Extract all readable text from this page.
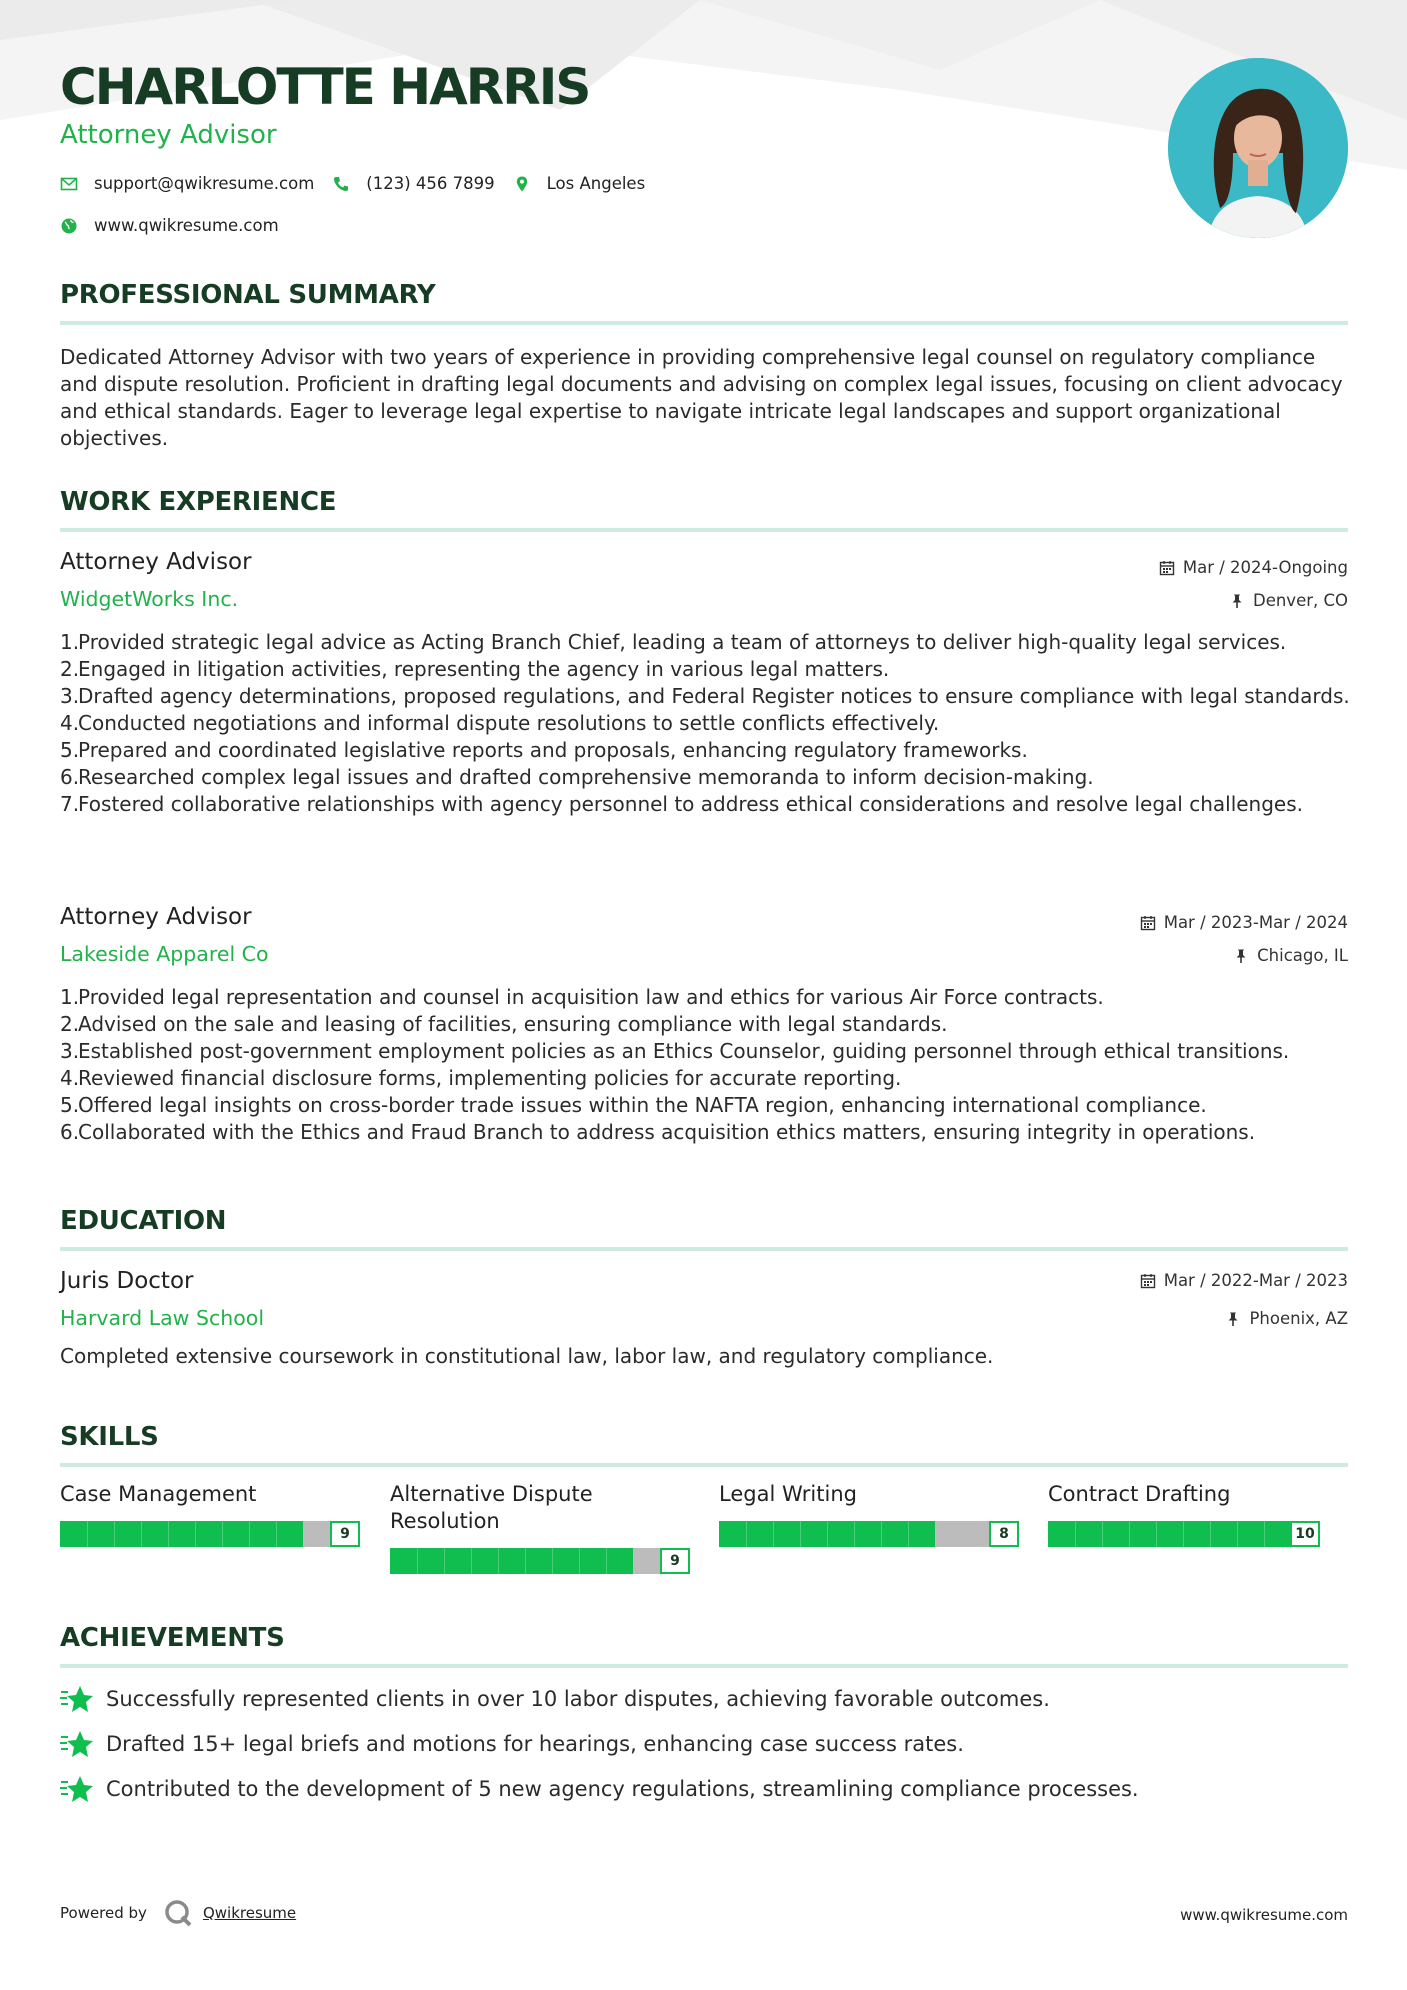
CHARLOTTE HARRIS
Attorney Advisor
support@qwikresume.com	(123) 456 7899	Los Angeles
www.qwikresume.com
PROFESSIONAL SUMMARY
Dedicated Attorney Advisor with two years of experience in providing comprehensive legal counsel on regulatory compliance and dispute resolution. Proficient in drafting legal documents and advising on complex legal issues, focusing on client advocacy and ethical standards. Eager to leverage legal expertise to navigate intricate legal landscapes and support organizational objectives.
WORK EXPERIENCE
Attorney Advisor
WidgetWorks Inc.
Mar / 2024-Ongoing
Denver, CO
1.
Provided strategic legal advice as Acting Branch Chief, leading a team of attorneys to deliver high-quality legal services.
2.
Engaged in litigation activities, representing the agency in various legal matters.
3.
Drafted agency determinations, proposed regulations, and Federal Register notices to ensure compliance with legal standards.
4.
Conducted negotiations and informal dispute resolutions to settle conflicts effectively.
5.
Prepared and coordinated legislative reports and proposals, enhancing regulatory frameworks.
6.
Researched complex legal issues and drafted comprehensive memoranda to inform decision-making.
7.
Fostered collaborative relationships with agency personnel to address ethical considerations and resolve legal challenges.
Attorney Advisor
Lakeside Apparel Co
Mar / 2023-Mar / 2024
Chicago, IL
1.
Provided legal representation and counsel in acquisition law and ethics for various Air Force contracts.
2.
Advised on the sale and leasing of facilities, ensuring compliance with legal standards.
3.
Established post-government employment policies as an Ethics Counselor, guiding personnel through ethical transitions.
4.
Reviewed financial disclosure forms, implementing policies for accurate reporting.
5.
Offered legal insights on cross-border trade issues within the NAFTA region, enhancing international compliance.
6.
Collaborated with the Ethics and Fraud Branch to address acquisition ethics matters, ensuring integrity in operations.
EDUCATION
Juris Doctor
Harvard Law School
Mar / 2022-Mar / 2023
Phoenix, AZ
Completed extensive coursework in constitutional law, labor law, and regulatory compliance.
SKILLS
Case Management
9
Alternative Dispute Resolution
9
Legal Writing
8
Contract Drafting
10
ACHIEVEMENTS
Successfully represented clients in over 10 labor disputes, achieving favorable outcomes.
Drafted 15+ legal briefs and motions for hearings, enhancing case success rates.
Contributed to the development of 5 new agency regulations, streamlining compliance processes.
Powered by	Qwikresume	www.qwikresume.com
